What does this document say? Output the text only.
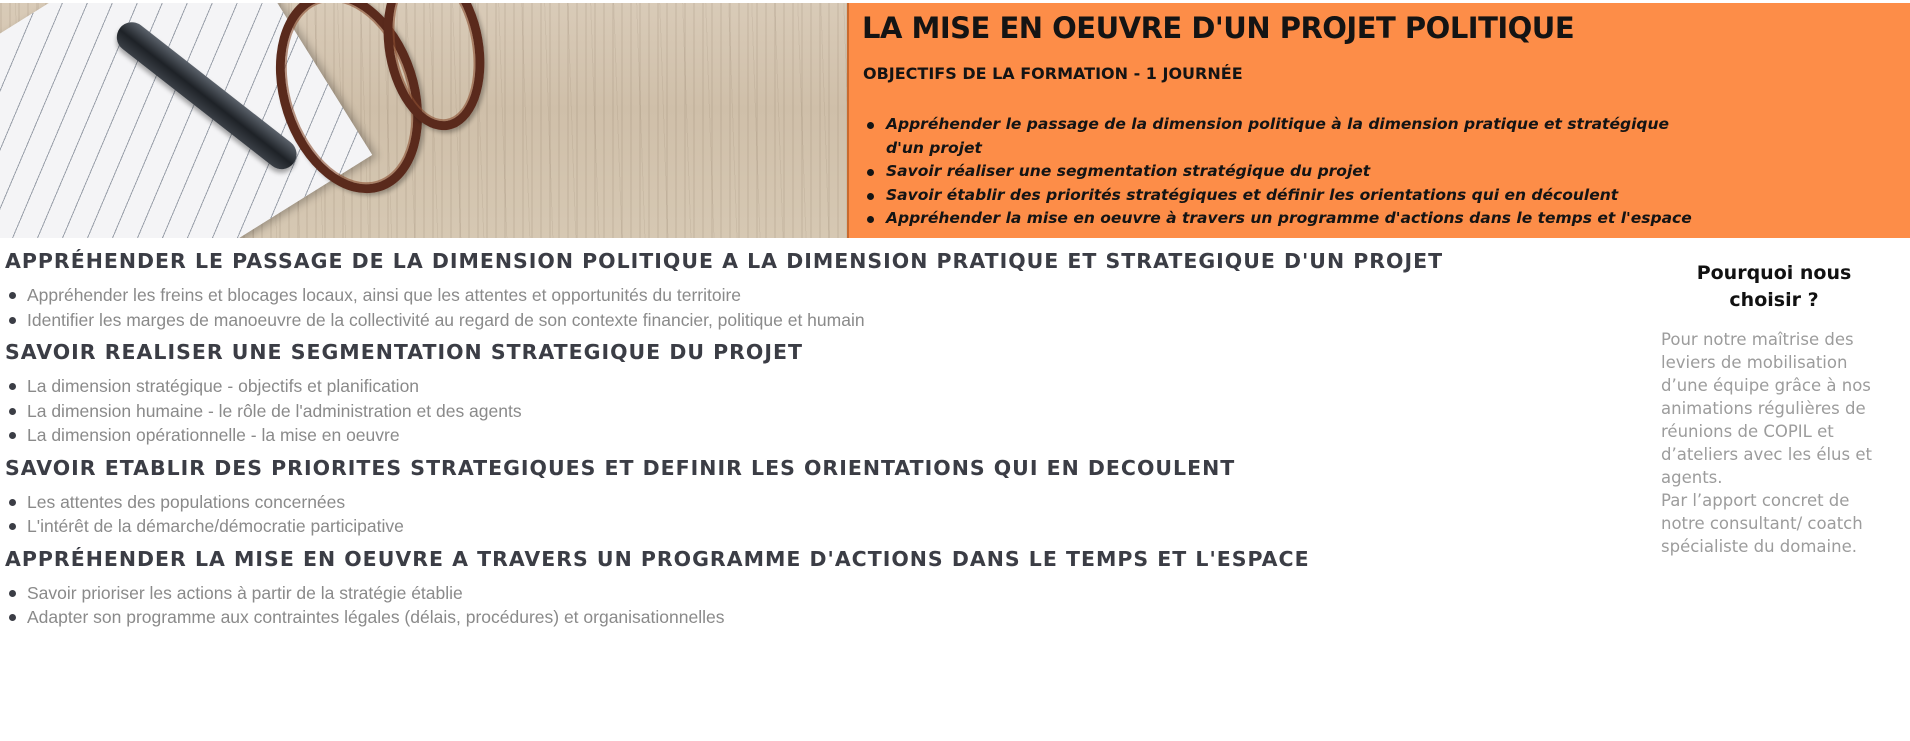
LA MISE EN OEUVRE D'UN PROJET POLITIQUE
OBJECTIFS DE LA FORMATION - 1 JOURNÉE
Appréhender le passage de la dimension politique à la dimension pratique et stratégique d'un projet
Savoir réaliser une segmentation stratégique du projet
Savoir établir des priorités stratégiques et définir les orientations qui en découlent
Appréhender la mise en oeuvre à travers un programme d'actions dans le temps et l'espace
APPRÉHENDER LE PASSAGE DE LA DIMENSION POLITIQUE A LA DIMENSION PRATIQUE ET STRATEGIQUE D'UN PROJET
Appréhender les freins et blocages locaux, ainsi que les attentes et opportunités du territoire
Identifier les marges de manoeuvre de la collectivité au regard de son contexte financier, politique et humain
SAVOIR REALISER UNE SEGMENTATION STRATEGIQUE DU PROJET
La dimension stratégique - objectifs et planification
La dimension humaine - le rôle de l'administration et des agents
La dimension opérationnelle - la mise en oeuvre
SAVOIR ETABLIR DES PRIORITES STRATEGIQUES ET DEFINIR LES ORIENTATIONS QUI EN DECOULENT
Les attentes des populations concernées
L'intérêt de la démarche/démocratie participative
APPRÉHENDER LA MISE EN OEUVRE A TRAVERS UN PROGRAMME D'ACTIONS DANS LE TEMPS ET L'ESPACE
Savoir prioriser les actions à partir de la stratégie établie
Adapter son programme aux contraintes légales (délais, procédures) et organisationnelles
Pourquoi nous choisir ?

Pour notre maîtrise des leviers de mobilisation d’une équipe grâce à nos animations régulières de réunions de COPIL et d’ateliers avec les élus et agents.
Par l’apport concret de notre consultant/ coatch spécialiste du domaine.
